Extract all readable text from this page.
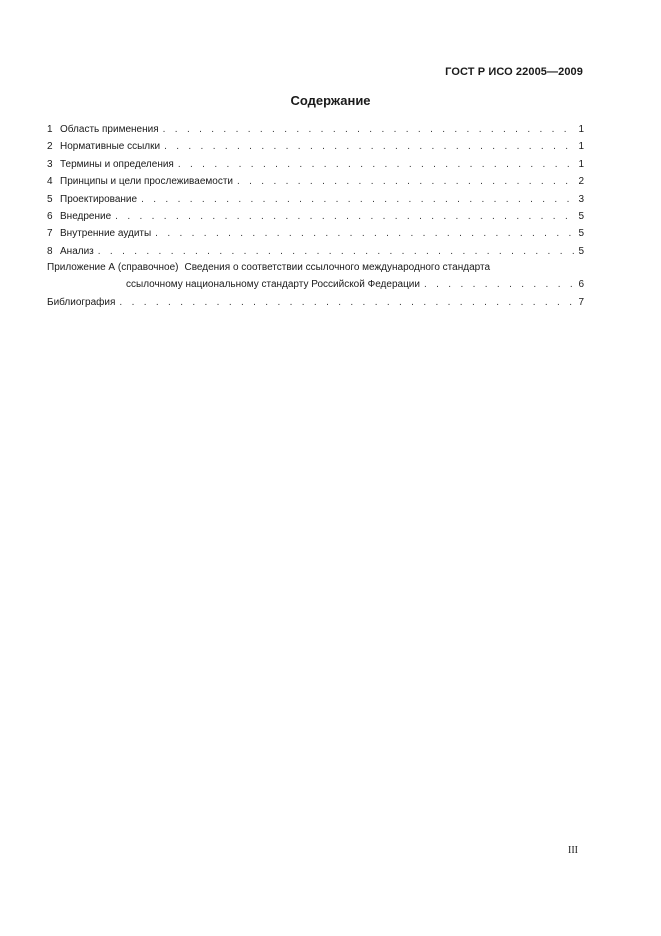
ГОСТ Р ИСО 22005—2009
Содержание
1 Область применения . . .	1
2 Нормативные ссылки . . .	1
3 Термины и определения . . .	1
4 Принципы и цели прослеживаемости . . .	2
5 Проектирование . . .	3
6 Внедрение . . .	5
7 Внутренние аудиты . . .	5
8 Анализ . . .	5
Приложение А (справочное) Сведения о соответствии ссылочного международного стандарта
ссылочному национальному стандарту Российской Федерации . . .	6
Библиография . . .	7
III
